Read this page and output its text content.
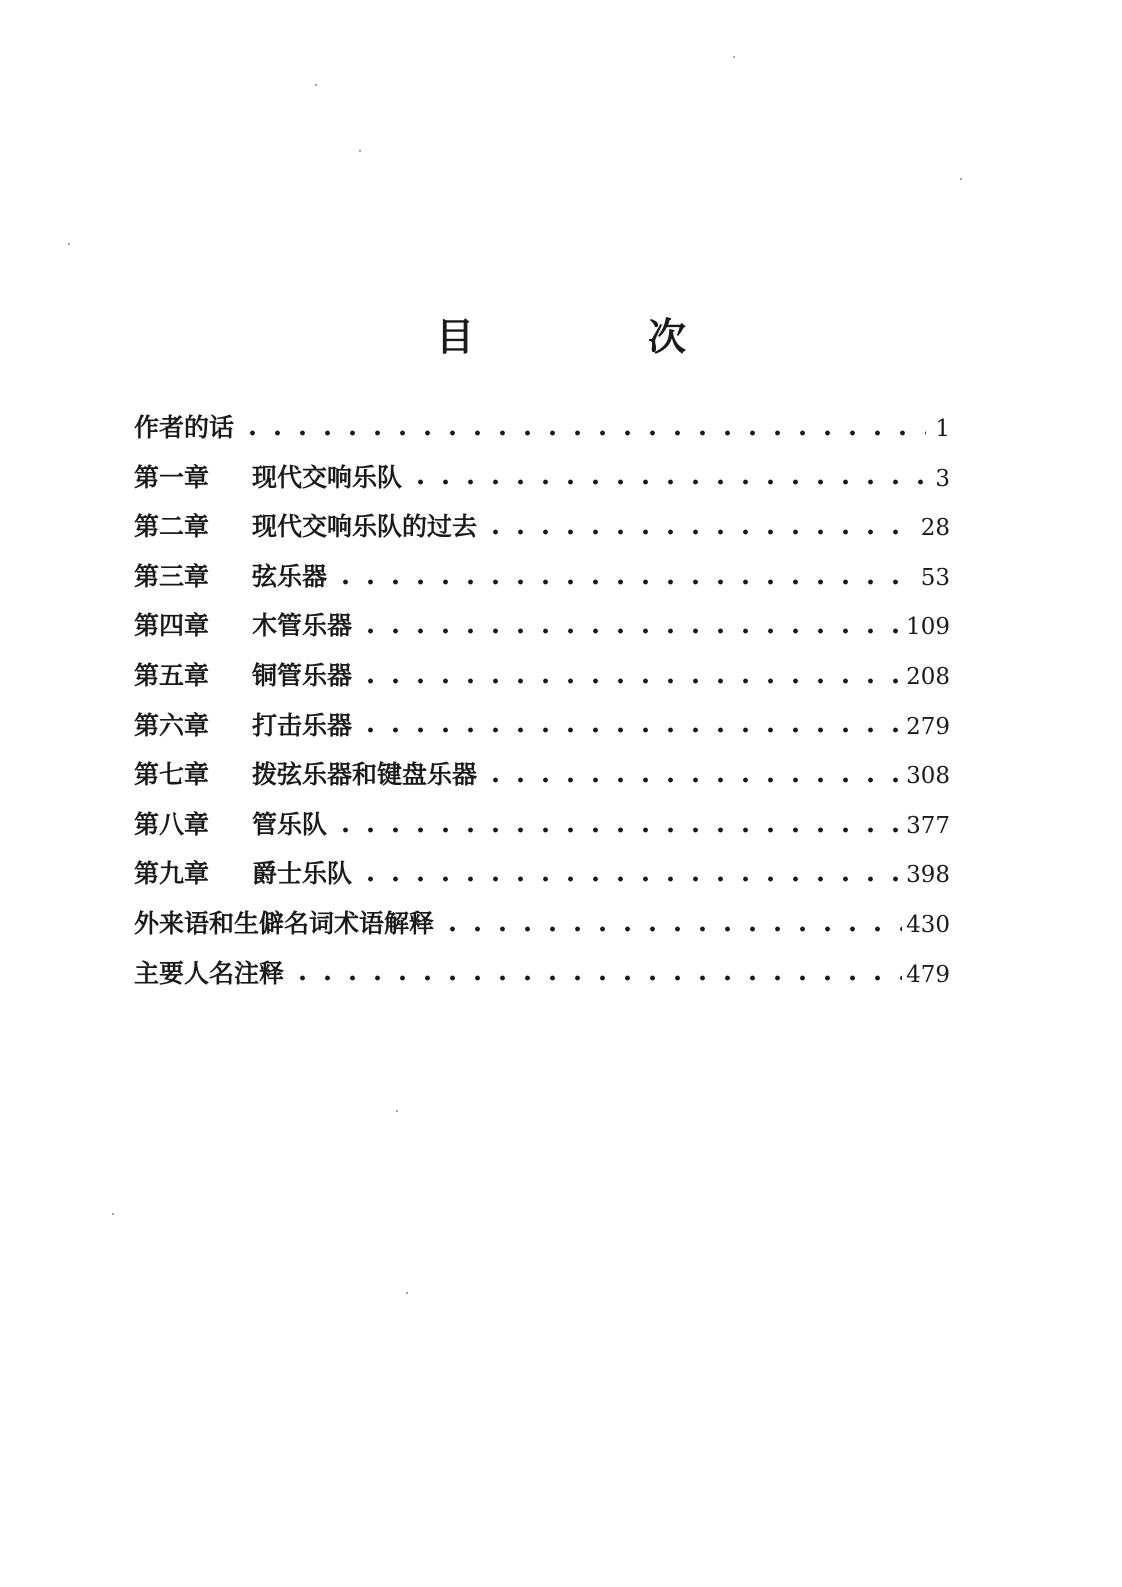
目　次
作者的话	1
第一章	现代交响乐队	3
第二章	现代交响乐队的过去	28
第三章	弦乐器	53
第四章	木管乐器	109
第五章	铜管乐器	208
第六章	打击乐器	279
第七章	拨弦乐器和键盘乐器	308
第八章	管乐队	377
第九章	爵士乐队	398
外来语和生僻名词术语解释	430
主要人名注释	479
